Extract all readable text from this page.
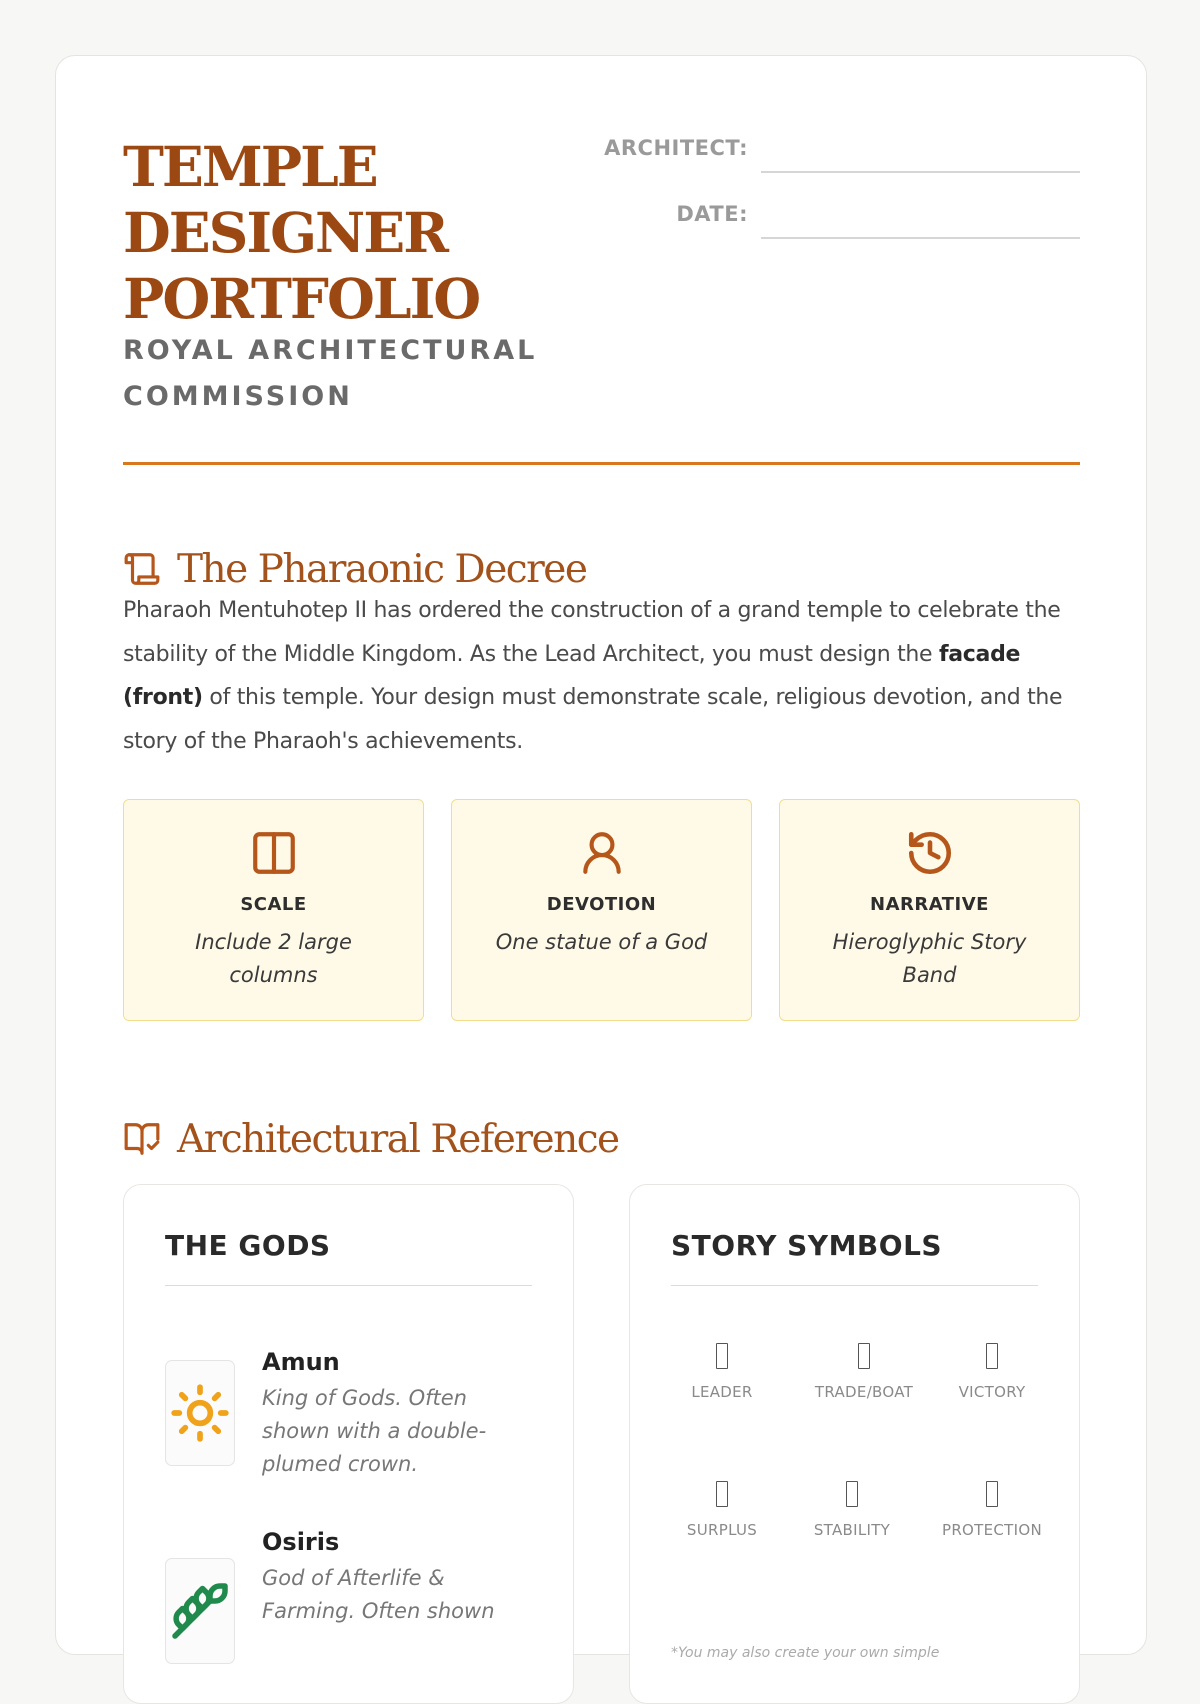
TEMPLE
DESIGNER
PORTFOLIO
ROYAL ARCHITECTURAL
COMMISSION
ARCHITECT:
DATE:
The Pharaonic Decree

Pharaoh Mentuhotep II has ordered the construction of a grand temple to celebrate the stability of the Middle Kingdom. As the Lead Architect, you must design the facade (front) of this temple. Your design must demonstrate scale, religious devotion, and the story of the Pharaoh's achievements.

SCALE
Include 2 large columns
DEVOTION
One statue of a God
NARRATIVE
Hieroglyphic Story Band
Architectural Reference
THE GODS
Amun
King of Gods. Often shown with a double-plumed crown.
Osiris
God of Afterlife & Farming. Often shown
STORY SYMBOLS
LEADER	TRADE/BOAT	VICTORY
SURPLUS	STABILITY	PROTECTION
*You may also create your own simple
